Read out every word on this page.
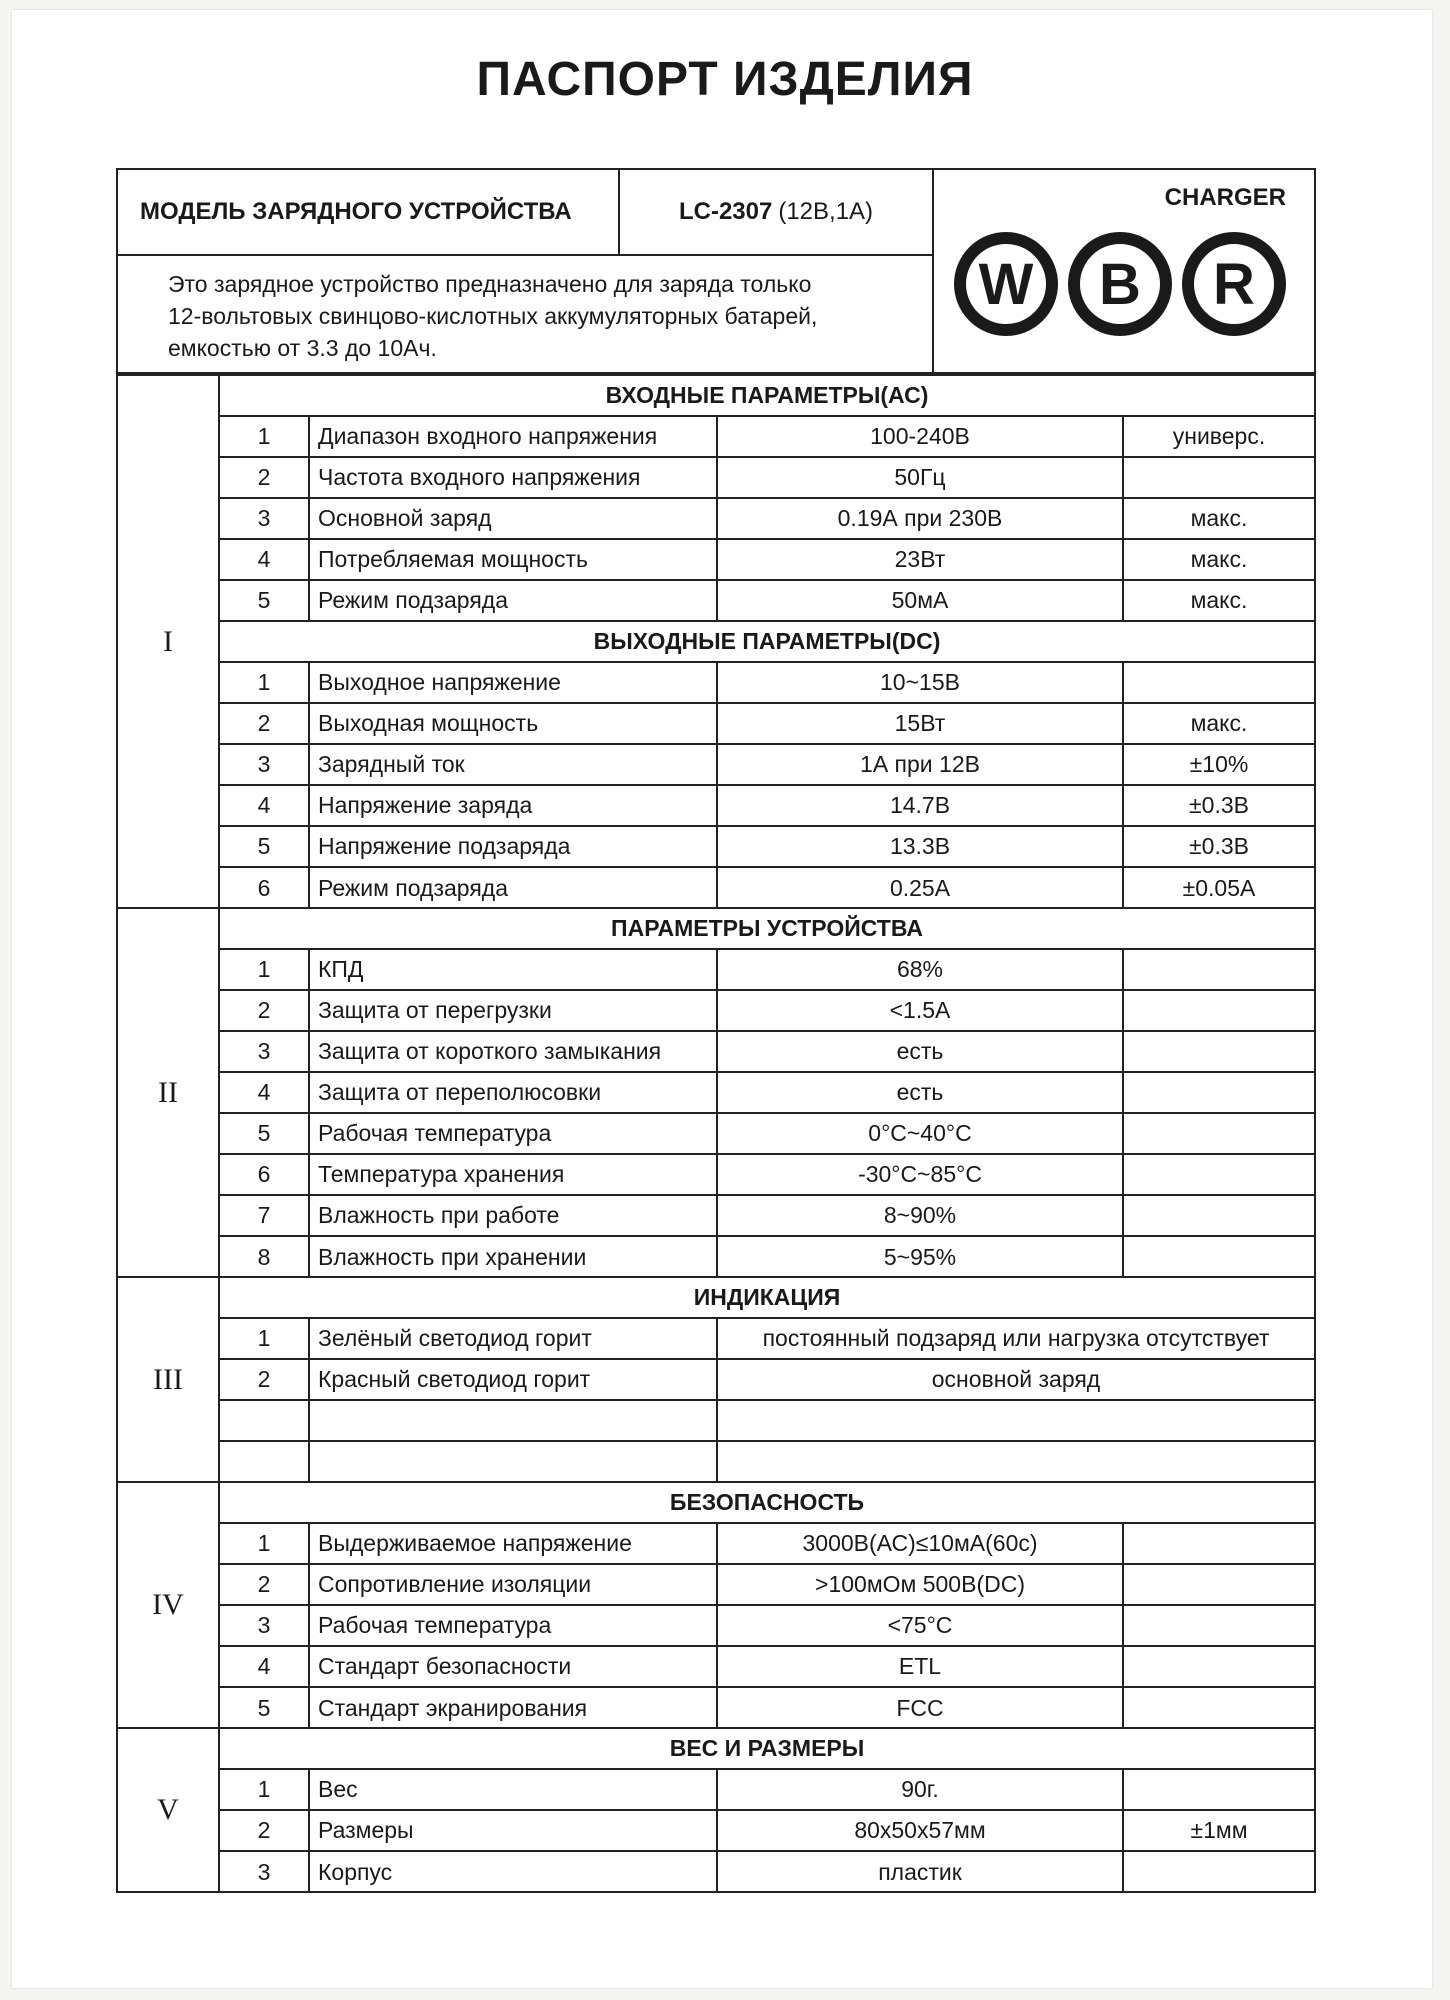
ПАСПОРТ ИЗДЕЛИЯ
МОДЕЛЬ ЗАРЯДНОГО УСТРОЙСТВА	LC-2307 (12В,1А)
Это зарядное устройство предназначено для заряда только
12-вольтовых свинцово-кислотных аккумуляторных батарей,
емкостью от 3.3 до 10Ач.
CHARGER
W	B	R
I
ВХОДНЫЕ ПАРАМЕТРЫ(АС)
1	Диапазон входного напряжения	100-240В	универс.
2	Частота входного напряжения	50Гц
3	Основной заряд	0.19А при 230В	макс.
4	Потребляемая мощность	23Вт	макс.
5	Режим подзаряда	50мА	макс.
ВЫХОДНЫЕ ПАРАМЕТРЫ(DC)
1	Выходное напряжение	10~15В
2	Выходная мощность	15Вт	макс.
3	Зарядный ток	1А при 12В	±10%
4	Напряжение заряда	14.7В	±0.3В
5	Напряжение подзаряда	13.3В	±0.3В
6	Режим подзаряда	0.25А	±0.05А
II
ПАРАМЕТРЫ УСТРОЙСТВА
1	КПД	68%
2	Защита от перегрузки	<1.5А
3	Защита от короткого замыкания	есть
4	Защита от переполюсовки	есть
5	Рабочая температура	0°С~40°С
6	Температура хранения	-30°С~85°С
7	Влажность при работе	8~90%
8	Влажность при хранении	5~95%
III
ИНДИКАЦИЯ
1	Зелёный светодиод горит	постоянный подзаряд или нагрузка отсутствует
2	Красный светодиод горит	основной заряд
IV
БЕЗОПАСНОСТЬ
1	Выдерживаемое напряжение	3000В(АС)≤10мА(60с)
2	Сопротивление изоляции	>100мОм 500В(DC)
3	Рабочая температура	<75°С
4	Стандарт безопасности	ETL
5	Стандарт экранирования	FCC
V
ВЕС И РАЗМЕРЫ
1	Вес	90г.
2	Размеры	80х50х57мм	±1мм
3	Корпус	пластик
